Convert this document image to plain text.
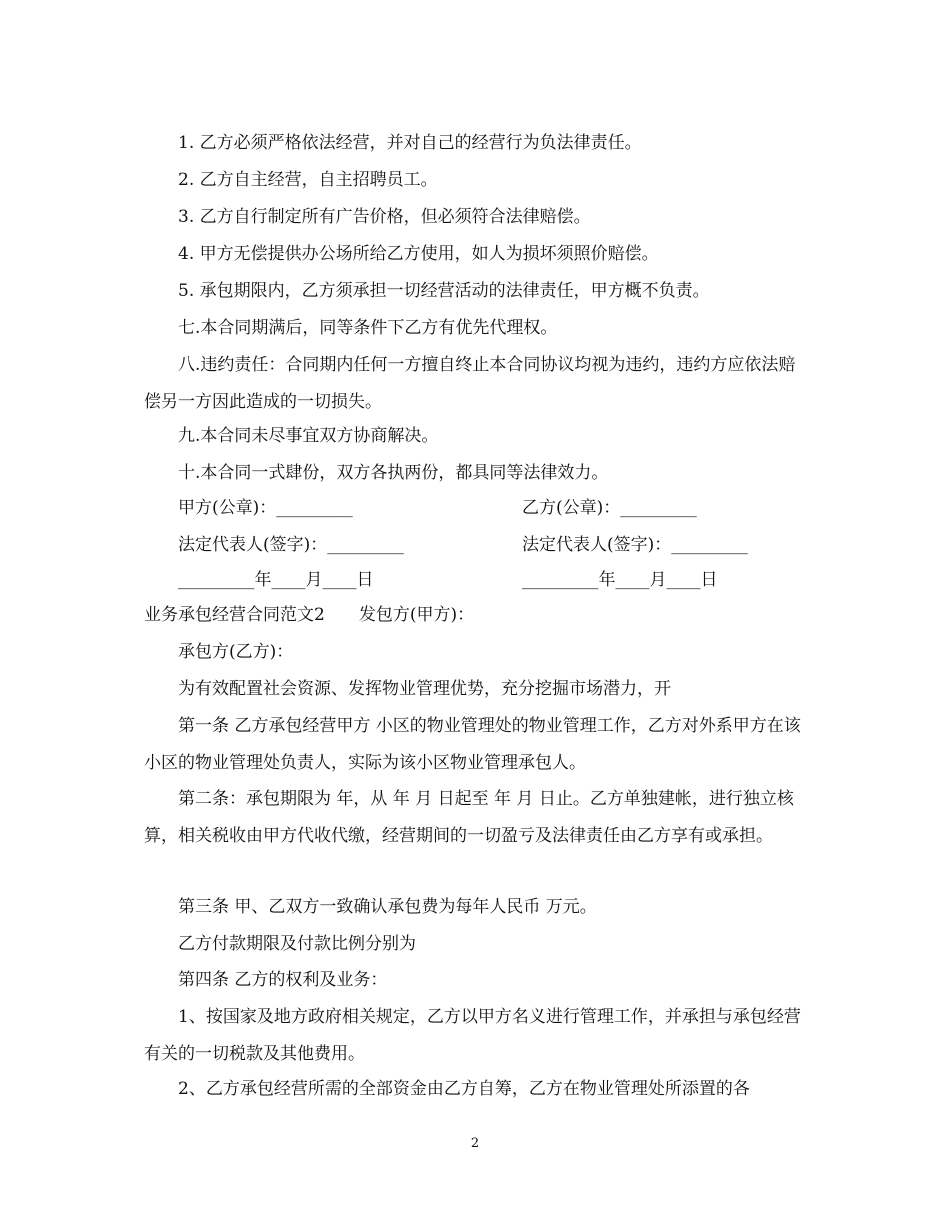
1. 乙方必须严格依法经营，并对自己的经营行为负法律责任。

2. 乙方自主经营，自主招聘员工。

3. 乙方自行制定所有广告价格，但必须符合法律赔偿。

4. 甲方无偿提供办公场所给乙方使用，如人为损坏须照价赔偿。

5. 承包期限内，乙方须承担一切经营活动的法律责任，甲方概不负责。

七.本合同期满后，同等条件下乙方有优先代理权。

八.违约责任：合同期内任何一方擅自终止本合同协议均视为违约，违约方应依法赔偿另一方因此造成的一切损失。

九.本合同未尽事宜双方协商解决。

十.本合同一式肆份，双方各执两份，都具同等法律效力。

甲方(公章)：_________	乙方(公章)：_________
法定代表人(签字)：_________	法定代表人(签字)：_________
_________年____月____日	_________年____月____日

业务承包经营合同范文2　　发包方(甲方)：

承包方(乙方)：

为有效配置社会资源、发挥物业管理优势，充分挖掘市场潜力，开

第一条 乙方承包经营甲方 小区的物业管理处的物业管理工作，乙方对外系甲方在该小区的物业管理处负责人，实际为该小区物业管理承包人。

第二条：承包期限为 年，从 年 月 日起至 年 月 日止。乙方单独建帐，进行独立核算，相关税收由甲方代收代缴，经营期间的一切盈亏及法律责任由乙方享有或承担。

第三条 甲、乙双方一致确认承包费为每年人民币 万元。

乙方付款期限及付款比例分别为

第四条 乙方的权利及业务：

1、按国家及地方政府相关规定，乙方以甲方名义进行管理工作，并承担与承包经营有关的一切税款及其他费用。

2、乙方承包经营所需的全部资金由乙方自筹，乙方在物业管理处所添置的各

2
